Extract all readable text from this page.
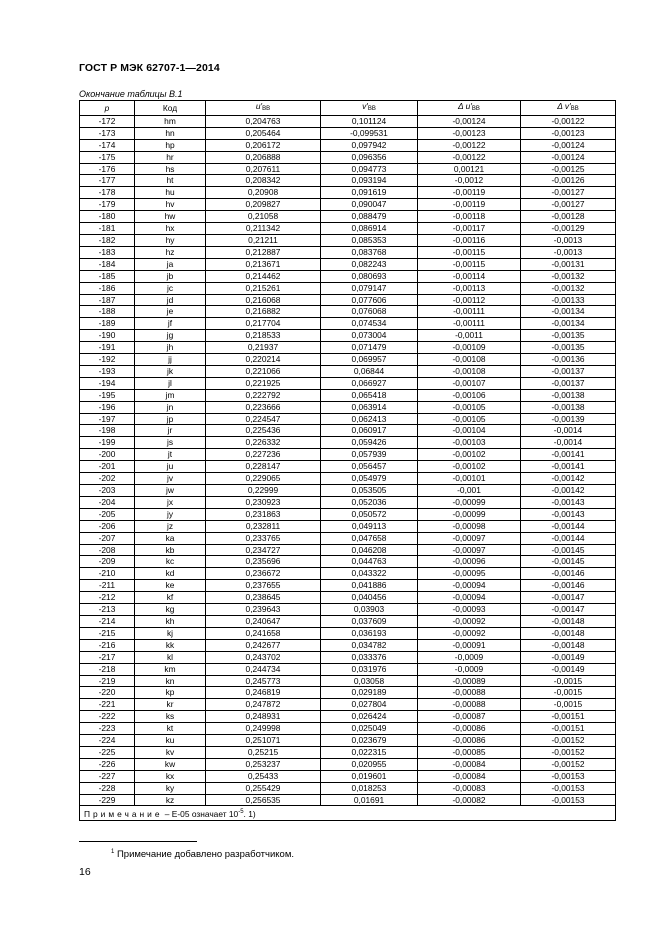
ГОСТ Р МЭК 62707-1—2014
Окончание таблицы В.1
p	Код	u′BB	v′BB	Δ u′BB	Δ v′BB
-172	hm	0,204763	0,101124	-0,00124	-0,00122
-173	hn	0,205464	-0,099531	-0,00123	-0,00123
-174	hp	0,206172	0,097942	-0,00122	-0,00124
-175	hr	0,206888	0,096356	-0,00122	-0,00124
-176	hs	0,207611	0,094773	0,00121	-0,00125
-177	ht	0,208342	0,093194	-0,0012	-0,00126
-178	hu	0,20908	0,091619	-0,00119	-0,00127
-179	hv	0,209827	0,090047	-0,00119	-0,00127
-180	hw	0,21058	0,088479	-0,00118	-0,00128
-181	hx	0,211342	0,086914	-0,00117	-0,00129
-182	hy	0,21211	0,085353	-0,00116	-0,0013
-183	hz	0,212887	0,083768	-0,00115	-0,0013
-184	ja	0,213671	0,082243	-0,00115	-0,00131
-185	jb	0,214462	0,080693	-0,00114	-0,00132
-186	jc	0,215261	0,079147	-0,00113	-0,00132
-187	jd	0,216068	0,077606	-0,00112	-0,00133
-188	je	0,216882	0,076068	-0,00111	-0,00134
-189	jf	0,217704	0,074534	-0,00111	-0,00134
-190	jg	0,218533	0,073004	-0,0011	-0,00135
-191	jh	0,21937	0,071479	-0,00109	-0,00135
-192	jj	0,220214	0,069957	-0,00108	-0,00136
-193	jk	0,221066	0,06844	-0,00108	-0,00137
-194	jl	0,221925	0,066927	-0,00107	-0,00137
-195	jm	0,222792	0,065418	-0,00106	-0,00138
-196	jn	0,223666	0,063914	-0,00105	-0,00138
-197	jp	0,224547	0,062413	-0,00105	-0,00139
-198	jr	0,225436	0,060917	-0,00104	-0,0014
-199	js	0,226332	0,059426	-0,00103	-0,0014
-200	jt	0,227236	0,057939	-0,00102	-0,00141
-201	ju	0,228147	0,056457	-0,00102	-0,00141
-202	jv	0,229065	0,054979	-0,00101	-0,00142
-203	jw	0,22999	0,053505	-0,001	-0,00142
-204	jx	0,230923	0,052036	-0,00099	-0,00143
-205	jy	0,231863	0,050572	-0,00099	-0,00143
-206	jz	0,232811	0,049113	-0,00098	-0,00144
-207	ka	0,233765	0,047658	-0,00097	-0,00144
-208	kb	0,234727	0,046208	-0,00097	-0,00145
-209	kc	0,235696	0,044763	-0,00096	-0,00145
-210	kd	0,236672	0,043322	-0,00095	-0,00146
-211	ke	0,237655	0,041886	-0,00094	-0,00146
-212	kf	0,238645	0,040456	-0,00094	-0,00147
-213	kg	0,239643	0,03903	-0,00093	-0,00147
-214	kh	0,240647	0,037609	-0,00092	-0,00148
-215	kj	0,241658	0,036193	-0,00092	-0,00148
-216	kk	0,242677	0,034782	-0,00091	-0,00148
-217	kl	0,243702	0,033376	-0,0009	-0,00149
-218	km	0,244734	0,031976	-0,0009	-0,00149
-219	kn	0,245773	0,03058	-0,00089	-0,0015
-220	kp	0,246819	0,029189	-0,00088	-0,0015
-221	kr	0,247872	0,027804	-0,00088	-0,0015
-222	ks	0,248931	0,026424	-0,00087	-0,00151
-223	kt	0,249998	0,025049	-0,00086	-0,00151
-224	ku	0,251071	0,023679	-0,00086	-0,00152
-225	kv	0,25215	0,022315	-0,00085	-0,00152
-226	kw	0,253237	0,020955	-0,00084	-0,00152
-227	kx	0,25433	0,019601	-0,00084	-0,00153
-228	ky	0,255429	0,018253	-0,00083	-0,00153
-229	kz	0,256535	0,01691	-0,00082	-0,00153
Примечание – E-05 означает $10^{-5}$. 1)					
$^1$ Примечание добавлено разработчиком.
16
